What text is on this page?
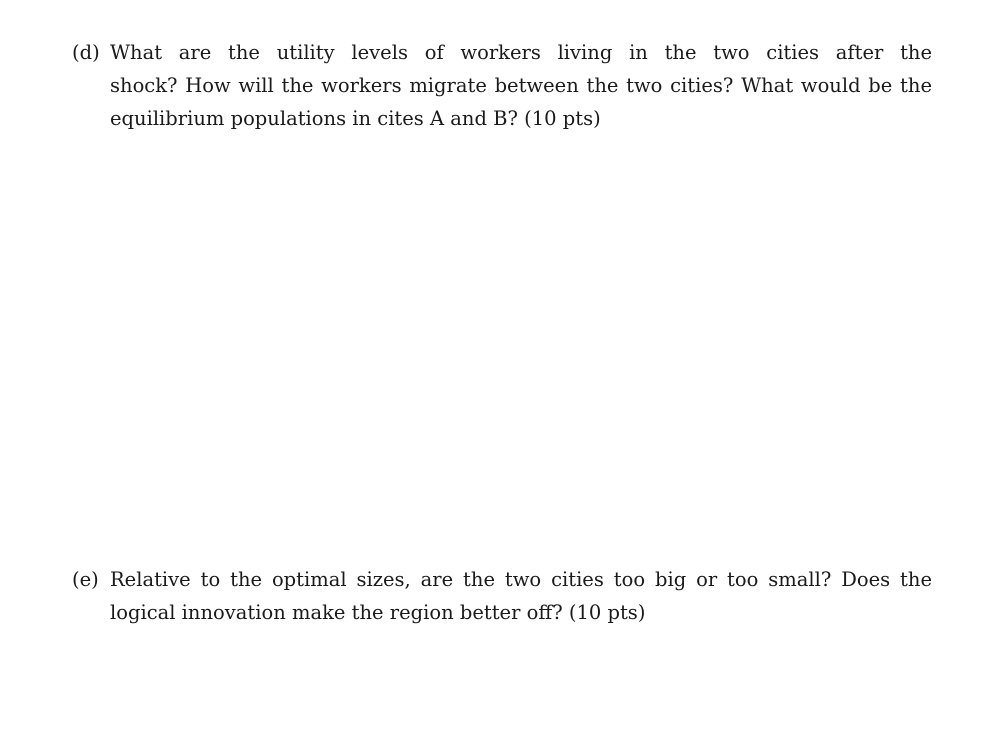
(d) What are the utility levels of workers living in the two cities after the
shock? How will the workers migrate between the two cities? What would be the
equilibrium populations in cites A and B? (10 pts)
(e) Relative to the optimal sizes, are the two cities too big or too small? Does the
logical innovation make the region better off? (10 pts)
